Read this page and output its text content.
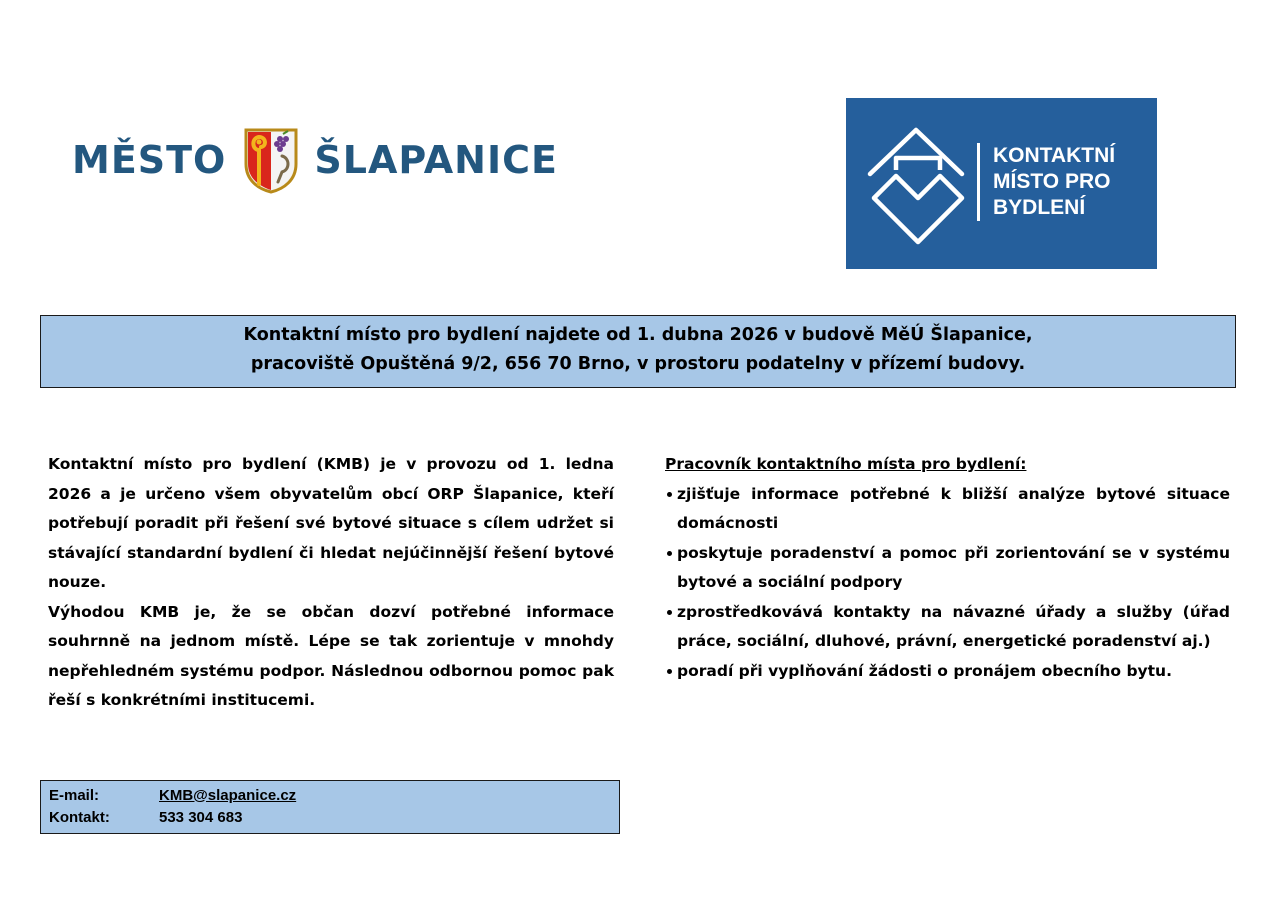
MĚSTO ŠLAPANICE	KONTAKTNÍ
MÍSTO PRO
BYDLENÍ
Kontaktní místo pro bydlení najdete od 1. dubna 2026 v budově MěÚ Šlapanice,
pracoviště Opuštěná 9/2, 656 70 Brno, v prostoru podatelny v přízemí budovy.

Kontaktní místo pro bydlení (KMB) je v provozu od 1. ledna 2026 a je určeno všem obyvatelům obcí ORP Šlapanice, kteří potřebují poradit při řešení své bytové situace s cílem udržet si stávající standardní bydlení či hledat nejúčinnější řešení bytové nouze.

Výhodou KMB je, že se občan dozví potřebné informace souhrnně na jednom místě. Lépe se tak zorientuje v mnohdy nepřehledném systému podpor. Následnou odbornou pomoc pak řeší s konkrétními institucemi.

Pracovník kontaktního místa pro bydlení:
zjišťuje informace potřebné k bližší analýze bytové situace domácnosti
poskytuje poradenství a pomoc při zorientování se v systému bytové a sociální podpory
zprostředkovává kontakty na návazné úřady a služby (úřad práce, sociální, dluhové, právní, energetické poradenství aj.)
poradí při vyplňování žádosti o pronájem obecního bytu.
E-mail:	KMB@slapanice.cz
Kontakt:	533 304 683
